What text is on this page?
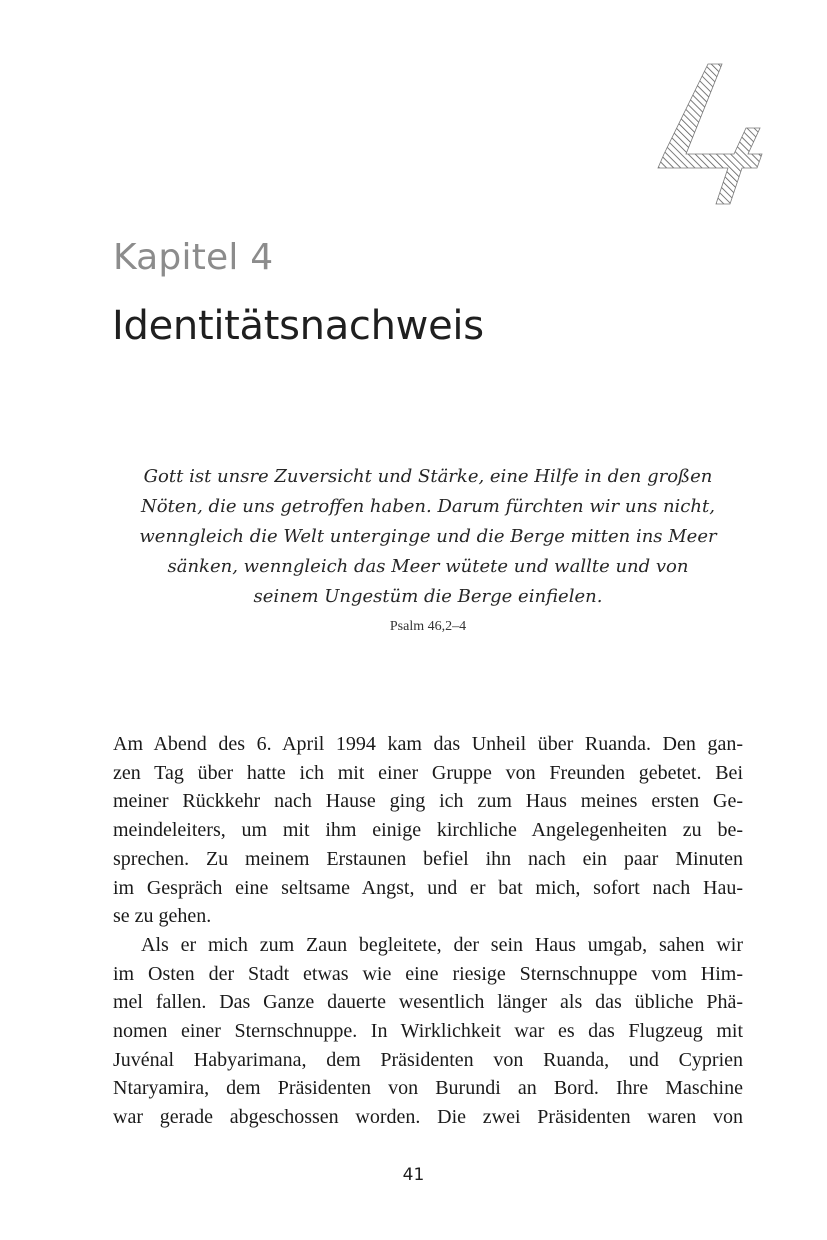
Kapitel 4
Identitätsnachweis
Gott ist unsre Zuversicht und Stärke, eine Hilfe in den großen
Nöten, die uns getroffen haben. Darum fürchten wir uns nicht,
wenngleich die Welt unterginge und die Berge mitten ins Meer
sänken, wenngleich das Meer wütete und wallte und von
seinem Ungestüm die Berge einfielen.
Psalm 46,2–4
Am Abend des 6. April 1994 kam das Unheil über Ruanda. Den gan-
zen Tag über hatte ich mit einer Gruppe von Freunden gebetet. Bei
meiner Rückkehr nach Hause ging ich zum Haus meines ersten Ge-
meindeleiters, um mit ihm einige kirchliche Angelegenheiten zu be-
sprechen. Zu meinem Erstaunen befiel ihn nach ein paar Minuten
im Gespräch eine seltsame Angst, und er bat mich, sofort nach Hau-
se zu gehen.
Als er mich zum Zaun begleitete, der sein Haus umgab, sahen wir
im Osten der Stadt etwas wie eine riesige Sternschnuppe vom Him-
mel fallen. Das Ganze dauerte wesentlich länger als das übliche Phä-
nomen einer Sternschnuppe. In Wirklichkeit war es das Flugzeug mit
Juvénal Habyarimana, dem Präsidenten von Ruanda, und Cyprien
Ntaryamira, dem Präsidenten von Burundi an Bord. Ihre Maschine
war gerade abgeschossen worden. Die zwei Präsidenten waren von
41
